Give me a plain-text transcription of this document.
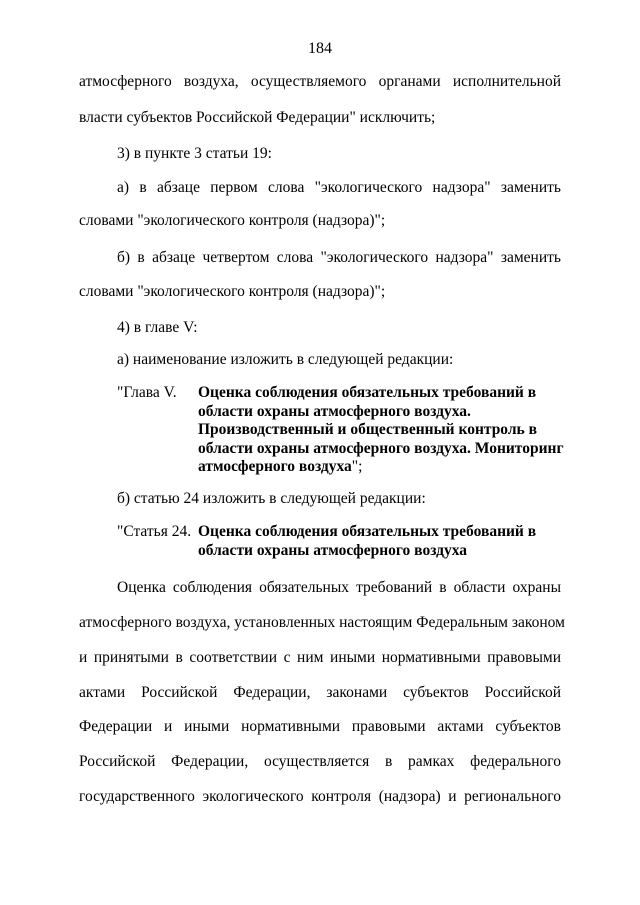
184
атмосферного воздуха, осуществляемого органами исполнительной
власти субъектов Российской Федерации" исключить;
3) в пункте 3 статьи 19:
а) в абзаце первом слова "экологического надзора" заменить
словами "экологического контроля (надзора)";
б) в абзаце четвертом слова "экологического надзора" заменить
словами "экологического контроля (надзора)";
4) в главе V:
а) наименование изложить в следующей редакции:
"Глава V. Оценка соблюдения обязательных требований в
области охраны атмосферного воздуха.
Производственный и общественный контроль в
области охраны атмосферного воздуха. Мониторинг
атмосферного воздуха";
б) статью 24 изложить в следующей редакции:
"Статья 24. Оценка соблюдения обязательных требований в
области охраны атмосферного воздуха
Оценка соблюдения обязательных требований в области охраны
атмосферного воздуха, установленных настоящим Федеральным законом
и принятыми в соответствии с ним иными нормативными правовыми
актами Российской Федерации, законами субъектов Российской
Федерации и иными нормативными правовыми актами субъектов
Российской Федерации, осуществляется в рамках федерального
государственного экологического контроля (надзора) и регионального
